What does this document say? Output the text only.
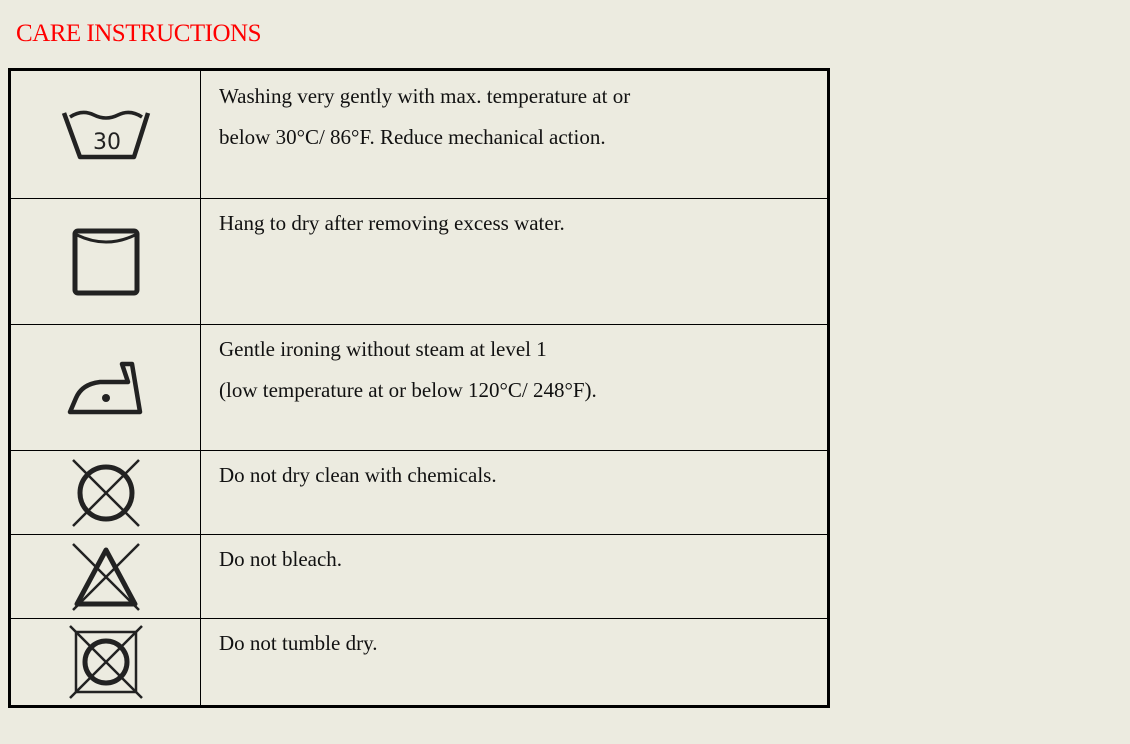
CARE INSTRUCTIONS
30
Washing very gently with max. temperature at or
below 30°C/ 86°F. Reduce mechanical action.
Hang to dry after removing excess water.
Gentle ironing without steam at level 1
(low temperature at or below 120°C/ 248°F).
Do not dry clean with chemicals.
Do not bleach.
Do not tumble dry.
